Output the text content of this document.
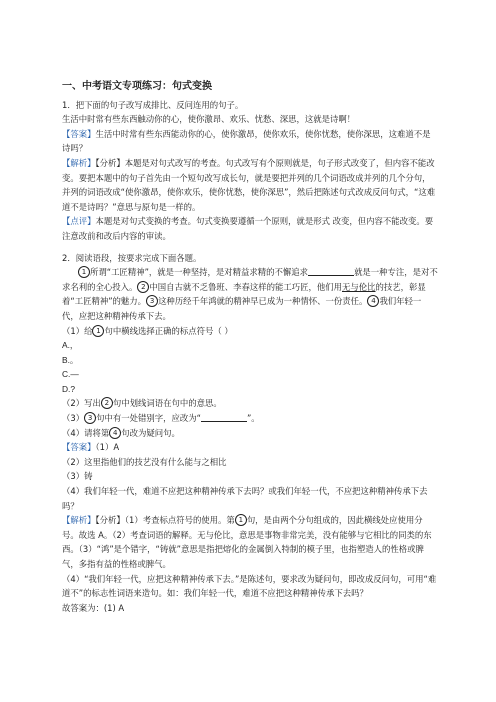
一、中考语文专项练习：句式变换

1．把下面的句子改写成排比、反问连用的句子。

生活中时常有些东西触动你的心，使你激昂、欢乐、忧愁、深思，这就是诗啊！

【答案】生活中时常有些东西能动你的心，使你激昂，使你欢乐，使你忧愁，使你深思，这难道不是诗吗？

【解析】【分析】本题是对句式改写的考查。句式改写有个原则就是，句子形式改变了，但内容不能改变。要把本题中的句子首先由一个短句改写成长句，就是要把并列的几个词语改成并列的几个分句，并列的词语改成“使你激昂，使你欢乐，使你忧愁，使你深思”，然后把陈述句式改成反问句式，“这难道不是诗吗？”意思与原句是一样的。

【点评】本题是对句式变换的考查。句式变换要遵循一个原则，就是形式 改变，但内容不能改变。要注意改前和改后内容的审读。

2．阅读语段，按要求完成下面各题。

1 所谓“工匠精神”，就是一种坚持，是对精益求精的不懈追求	就是一种专注，是对不求名利的全心投入。 2 中国自古就不乏鲁班、李春这样的能工巧匠，他们用无与伦比的技艺，彰显着“工匠精神”的魅力。 3 这种历经千年鸿就的精神早已成为一种情怀、一份责任。 4 我们年轻一代，应把这种精神传承下去。

（1）给 1 句中横线选择正确的标点符号（ ）

A.，

B.。

C.—

D.?

（2）写出 2 句中划线词语在句中的意思。

（3） 3 句中有一处错别字，应改为“	”。

（4）请将第 4 句改为疑问句。

【答案】（1）A

（2）这里指他们的技艺没有什么能与之相比

（3）铸

（4）我们年轻一代，难道不应把这种精神传承下去吗？或我们年轻一代，不应把这种精神传承下去吗？

【解析】【分析】（1）考查标点符号的使用。第 1 句，是由两个分句组成的，因此横线处应使用分号。故选 A。（2）考查词语的解释。无与伦比，意思是事物非常完美，没有能够与它相比的同类的东西。（3）“鸿”是个错字，“铸就”意思是指把熔化的金属倒入特制的模子里，也指塑造人的性格或脾气，多指有益的性格或脾气。

（4）“我们年轻一代，应把这种精神传承下去。”是陈述句，要求改为疑问句，即改成反问句，可用“难道不”的标志性词语来造句。如：我们年轻一代，难道不应把这种精神传承下去吗？

故答案为：(1) A
